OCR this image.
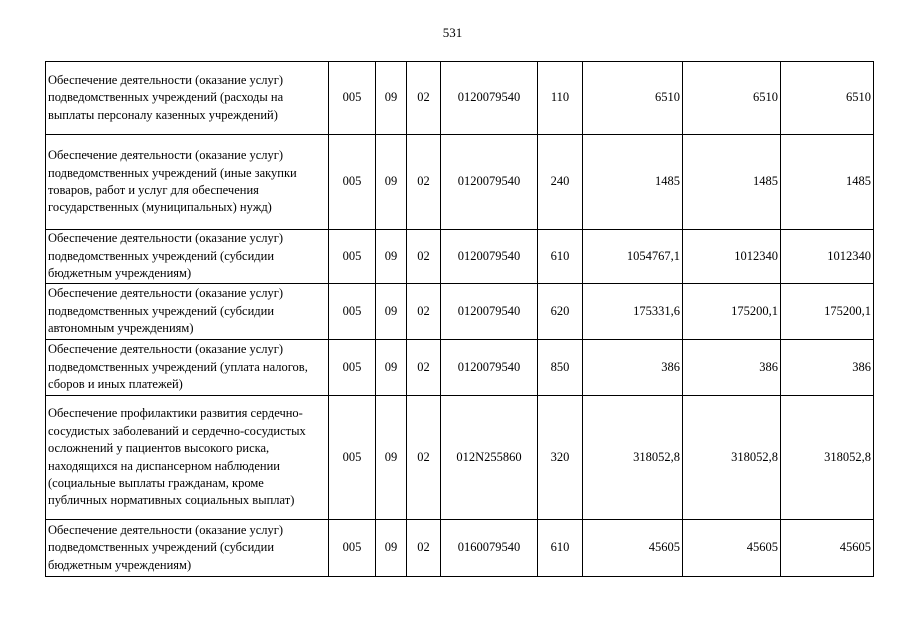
531
Обеспечение деятельности (оказание услуг) подведомственных учреждений (расходы на выплаты персоналу казенных учреждений)	005	09	02	0120079540	110	6510	6510	6510
Обеспечение деятельности (оказание услуг) подведомственных учреждений (иные закупки товаров, работ и услуг для обеспечения государственных (муниципальных) нужд)	005	09	02	0120079540	240	1485	1485	1485
Обеспечение деятельности (оказание услуг) подведомственных учреждений (субсидии бюджетным учреждениям)	005	09	02	0120079540	610	1054767,1	1012340	1012340
Обеспечение деятельности (оказание услуг) подведомственных учреждений (субсидии автономным учреждениям)	005	09	02	0120079540	620	175331,6	175200,1	175200,1
Обеспечение деятельности (оказание услуг) подведомственных учреждений (уплата налогов, сборов и иных платежей)	005	09	02	0120079540	850	386	386	386
Обеспечение профилактики развития сердечно-сосудистых заболеваний и сердечно-сосудистых осложнений у пациентов высокого риска, находящихся на диспансерном наблюдении (социальные выплаты гражданам, кроме публичных нормативных социальных выплат)	005	09	02	012N255860	320	318052,8	318052,8	318052,8
Обеспечение деятельности (оказание услуг) подведомственных учреждений (субсидии бюджетным учреждениям)	005	09	02	0160079540	610	45605	45605	45605
